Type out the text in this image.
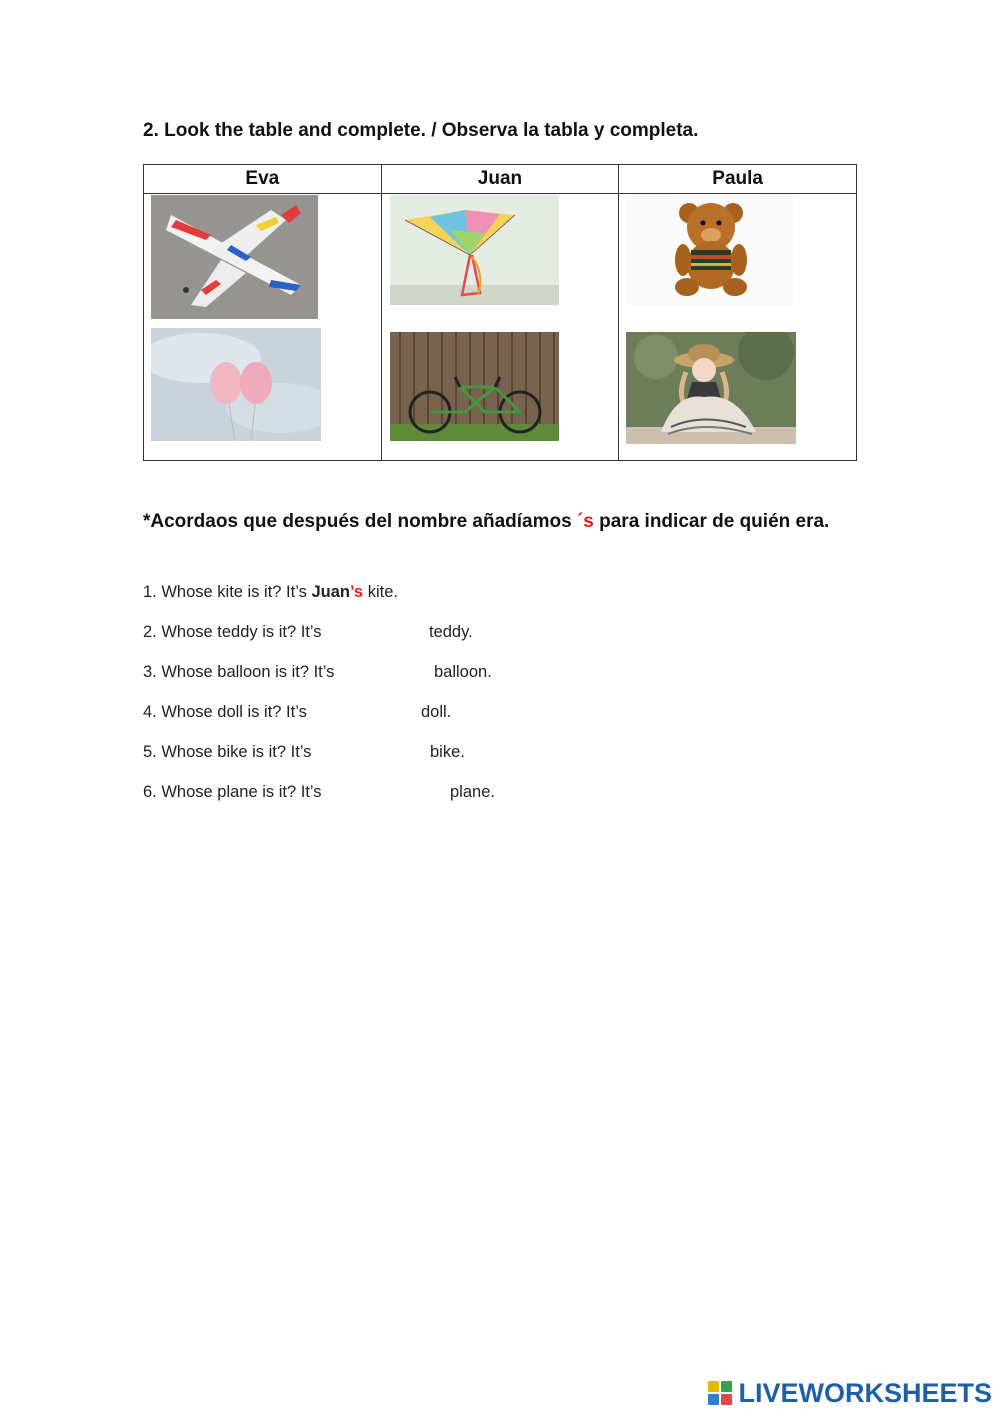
2. Look the table and complete. / Observa la tabla y completa.
Eva	Juan	Paula

*Acordaos que después del nombre añadíamos ´s para indicar de quién era.
1. Whose kite is it? It’s Juan’s kite.
2. Whose teddy is it? It’s	teddy.
3. Whose balloon is it? It’s	balloon.
4. Whose doll is it? It’s	doll.
5. Whose bike is it? It’s	bike.
6. Whose plane is it? It’s	plane.
LIVEWORKSHEETS
